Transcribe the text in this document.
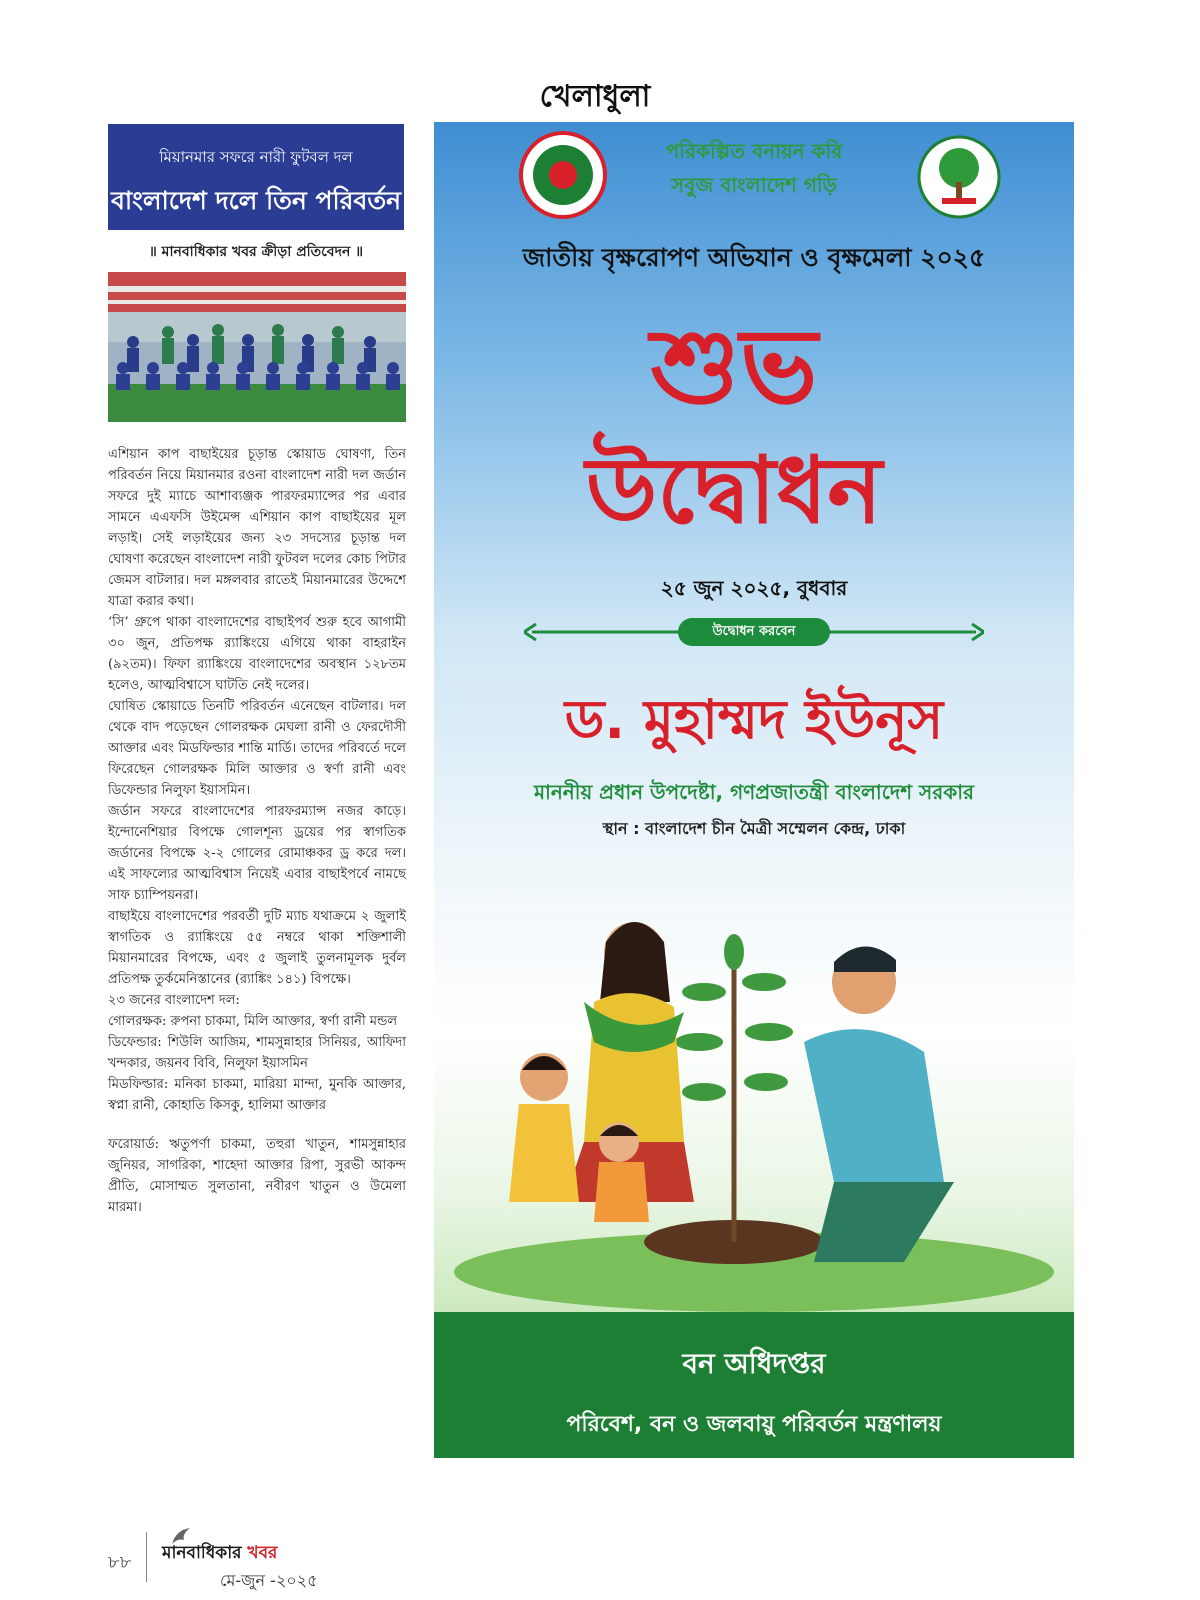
খেলাধুলা
মিয়ানমার সফরে নারী ফুটবল দল
বাংলাদেশ দলে তিন পরিবর্তন
॥ মানবাধিকার খবর ক্রীড়া প্রতিবেদন ॥

এশিয়ান কাপ বাছাইয়ের চূড়ান্ত স্কোয়াড ঘোষণা, তিন পরিবর্তন নিয়ে মিয়ানমার রওনা বাংলাদেশ নারী দল জর্ডান সফরে দুই ম্যাচে আশাব্যঞ্জক পারফরম্যান্সের পর এবার সামনে এএফসি উইমেন্স এশিয়ান কাপ বাছাইয়ের মূল লড়াই। সেই লড়াইয়ের জন্য ২৩ সদস্যের চূড়ান্ত দল ঘোষণা করেছেন বাংলাদেশ নারী ফুটবল দলের কোচ পিটার জেমস বাটলার। দল মঙ্গলবার রাতেই মিয়ানমারের উদ্দেশে যাত্রা করার কথা।

‘সি’ গ্রুপে থাকা বাংলাদেশের বাছাইপর্ব শুরু হবে আগামী ৩০ জুন, প্রতিপক্ষ র‍্যাঙ্কিংয়ে এগিয়ে থাকা বাহরাইন (৯২তম)। ফিফা র‍্যাঙ্কিংয়ে বাংলাদেশের অবস্থান ১২৮তম হলেও, আত্মবিশ্বাসে ঘাটতি নেই দলের।

ঘোষিত স্কোয়াডে তিনটি পরিবর্তন এনেছেন বাটলার। দল থেকে বাদ পড়েছেন গোলরক্ষক মেঘলা রানী ও ফেরদৌসী আক্তার এবং মিডফিল্ডার শান্তি মার্ডি। তাদের পরিবর্তে দলে ফিরেছেন গোলরক্ষক মিলি আক্তার ও স্বর্ণা রানী এবং ডিফেন্ডার নিলুফা ইয়াসমিন।

জর্ডান সফরে বাংলাদেশের পারফরম্যান্স নজর কাড়ে। ইন্দোনেশিয়ার বিপক্ষে গোলশূন্য ড্রয়ের পর স্বাগতিক জর্ডানের বিপক্ষে ২-২ গোলের রোমাঞ্চকর ড্র করে দল। এই সাফল্যের আত্মবিশ্বাস নিয়েই এবার বাছাইপর্বে নামছে সাফ চ্যাম্পিয়নরা।

বাছাইয়ে বাংলাদেশের পরবর্তী দুটি ম্যাচ যথাক্রমে ২ জুলাই স্বাগতিক ও র‍্যাঙ্কিংয়ে ৫৫ নম্বরে থাকা শক্তিশালী মিয়ানমারের বিপক্ষে, এবং ৫ জুলাই তুলনামূলক দুর্বল প্রতিপক্ষ তুর্কমেনিস্তানের (র‍্যাঙ্কিং ১৪১) বিপক্ষে।

২৩ জনের বাংলাদেশ দল:

গোলরক্ষক: রুপনা চাকমা, মিলি আক্তার, স্বর্ণা রানী মন্ডল

ডিফেন্ডার: শিউলি আজিম, শামসুন্নাহার সিনিয়র, আফিদা খন্দকার, জয়নব বিবি, নিলুফা ইয়াসমিন

মিডফিল্ডার: মনিকা চাকমা, মারিয়া মান্দা, মুনকি আক্তার, স্বপ্না রানী, কোহাতি কিসকু, হালিমা আক্তার

ফরোয়ার্ড: ঋতুপর্ণা চাকমা, তহুরা খাতুন, শামসুন্নাহার জুনিয়র, সাগরিকা, শাহেদা আক্তার রিপা, সুরভী আকন্দ প্রীতি, মোসাম্মত সুলতানা, নবীরণ খাতুন ও উমেলা মারমা।

৮৮ মানবাধিকার খবর
মে-জুন -২০২৫
পরিকল্পিত বনায়ন করি
সবুজ বাংলাদেশ গড়ি
জাতীয় বৃক্ষরোপণ অভিযান ও বৃক্ষমেলা ২০২৫
শুভ
উদ্বোধন
২৫ জুন ২০২৫, বুধবার
উদ্বোধন করবেন
ড. মুহাম্মদ ইউনূস
মাননীয় প্রধান উপদেষ্টা, গণপ্রজাতন্ত্রী বাংলাদেশ সরকার
স্থান : বাংলাদেশ চীন মৈত্রী সম্মেলন কেন্দ্র, ঢাকা
বন অধিদপ্তর
পরিবেশ, বন ও জলবায়ু পরিবর্তন মন্ত্রণালয়
